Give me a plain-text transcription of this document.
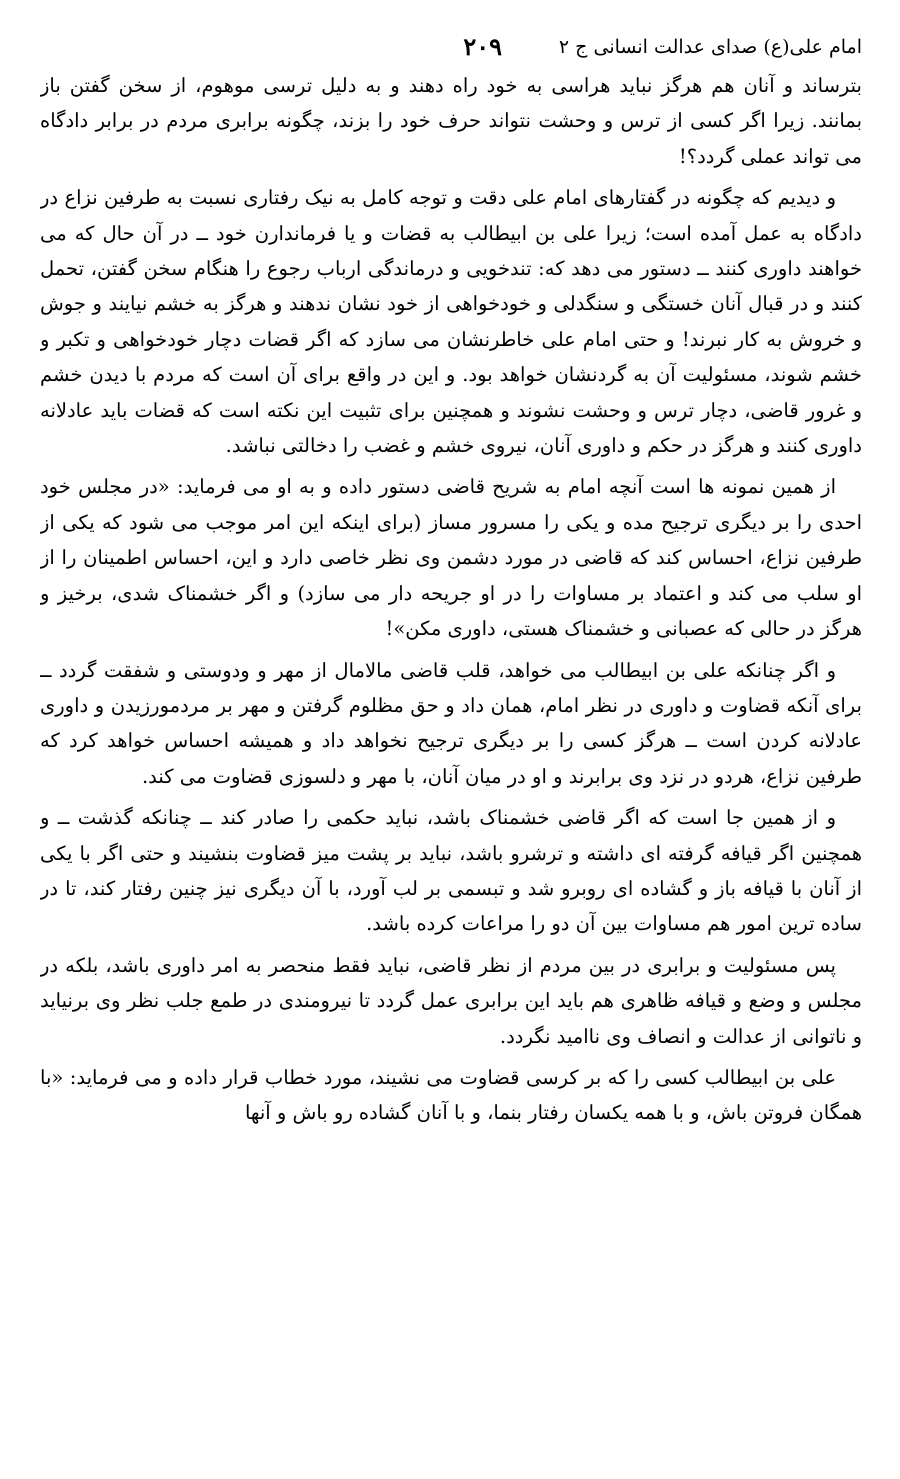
امام علی(ع) صدای عدالت انسانی ج ۲
۲۰۹

بترساند و آنان هم هرگز نباید هراسی به خود راه دهند و به دلیل ترسی موهوم، از سخن گفتن باز بمانند. زیرا اگر کسی از ترس و وحشت نتواند حرف خود را بزند، چگونه برابری مردم در برابر دادگاه می تواند عملی گردد؟!

و دیدیم که چگونه در گفتارهای امام علی دقت و توجه کامل به نیک رفتاری نسبت به طرفین نزاع در دادگاه به عمل آمده است؛ زیرا علی بن ابیطالب به قضات و یا فرماندارن خود ــ در آن حال که می خواهند داوری کنند ــ دستور می دهد که: تندخویی و درماندگی ارباب رجوع را هنگام سخن گفتن، تحمل کنند و در قبال آنان خستگی و سنگدلی و خودخواهی از خود نشان ندهند و هرگز به خشم نیایند و جوش و خروش به کار نبرند! و حتی امام علی خاطرنشان می سازد که اگر قضات دچار خودخواهی و تکبر و خشم شوند، مسئولیت آن به گردنشان خواهد بود. و این در واقع برای آن است که مردم با دیدن خشم و غرور قاضی، دچار ترس و وحشت نشوند و همچنین برای تثبیت این نکته است که قضات باید عادلانه داوری کنند و هرگز در حکم و داوری آنان، نیروی خشم و غضب را دخالتی نباشد.

از همین نمونه ها است آنچه امام به شریح قاضی دستور داده و به او می فرماید: «در مجلس خود احدی را بر دیگری ترجیح مده و یکی را مسرور مساز (برای اینکه این امر موجب می شود که یکی از طرفین نزاع، احساس کند که قاضی در مورد دشمن وی نظر خاصی دارد و این، احساس اطمینان را از او سلب می کند و اعتماد بر مساوات را در او جریحه دار می سازد) و اگر خشمناک شدی، برخیز و هرگز در حالی که عصبانی و خشمناک هستی، داوری مکن»!

و اگر چنانکه علی بن ابیطالب می خواهد، قلب قاضی مالامال از مهر و ودوستی و شفقت گردد ــ برای آنکه قضاوت و داوری در نظر امام، همان داد و حق مظلوم گرفتن و مهر بر مردمورزیدن و داوری عادلانه کردن است ــ هرگز کسی را بر دیگری ترجیح نخواهد داد و همیشه احساس خواهد کرد که طرفین نزاع، هردو در نزد وی برابرند و او در میان آنان، با مهر و دلسوزی قضاوت می کند.

و از همین جا است که اگر قاضی خشمناک باشد، نباید حکمی را صادر کند ــ چنانکه گذشت ــ و همچنین اگر قیافه گرفته ای داشته و ترشرو باشد، نباید بر پشت میز قضاوت بنشیند و حتی اگر با یکی از آنان با قیافه باز و گشاده ای روبرو شد و تبسمی بر لب آورد، با آن دیگری نیز چنین رفتار کند، تا در ساده ترین امور هم مساوات بین آن دو را مراعات کرده باشد.

پس مسئولیت و برابری در بین مردم از نظر قاضی، نباید فقط منحصر به امر داوری باشد، بلکه در مجلس و وضع و قیافه ظاهری هم باید این برابری عمل گردد تا نیرومندی در طمع جلب نظر وی برنیاید و ناتوانی از عدالت و انصاف وی ناامید نگردد.

علی بن ابیطالب کسی را که بر کرسی قضاوت می نشیند، مورد خطاب قرار داده و می فرماید: «با همگان فروتن باش، و با همه یکسان رفتار بنما، و با آنان گشاده رو باش و آنها
